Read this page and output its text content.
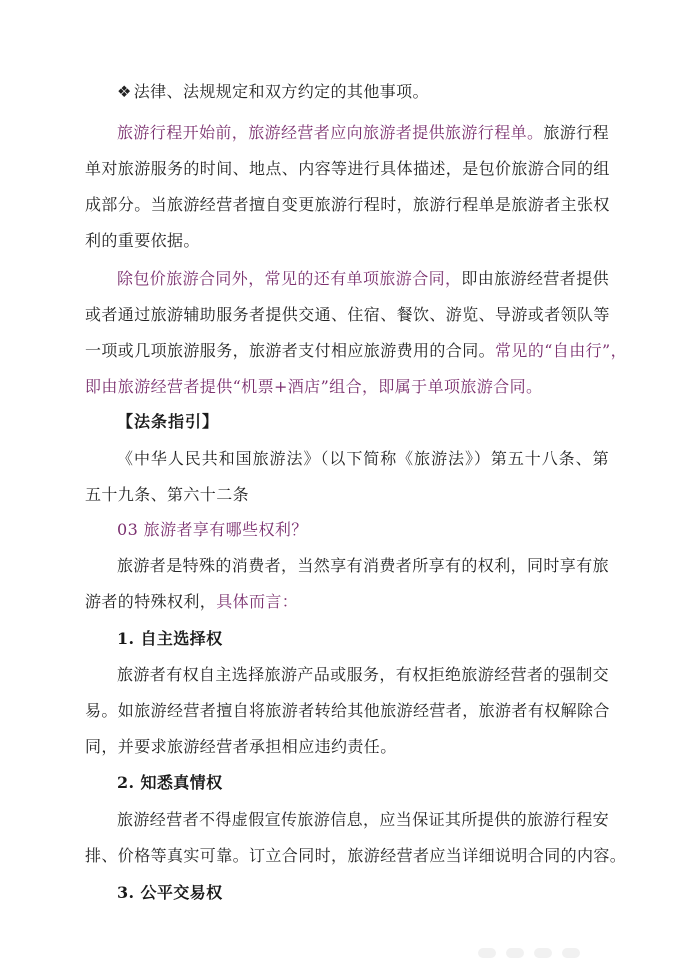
❖ 法律、法规规定和双方约定的其他事项。
旅游行程开始前，旅游经营者应向旅游者提供旅游行程单。旅游行程
单对旅游服务的时间、地点、内容等进行具体描述，是包价旅游合同的组
成部分。当旅游经营者擅自变更旅游行程时，旅游行程单是旅游者主张权
利的重要依据。
除包价旅游合同外，常见的还有单项旅游合同，即由旅游经营者提供
或者通过旅游辅助服务者提供交通、住宿、餐饮、游览、导游或者领队等
一项或几项旅游服务，旅游者支付相应旅游费用的合同。常见的“自由行”，
即由旅游经营者提供“机票+酒店”组合，即属于单项旅游合同。
【法条指引】
《中华人民共和国旅游法》（以下简称《旅游法》）第五十八条、第
五十九条、第六十二条
03 旅游者享有哪些权利？
旅游者是特殊的消费者，当然享有消费者所享有的权利，同时享有旅
游者的特殊权利，具体而言：
1. 自主选择权
旅游者有权自主选择旅游产品或服务，有权拒绝旅游经营者的强制交
易。如旅游经营者擅自将旅游者转给其他旅游经营者，旅游者有权解除合
同，并要求旅游经营者承担相应违约责任。
2. 知悉真情权
旅游经营者不得虚假宣传旅游信息，应当保证其所提供的旅游行程安
排、价格等真实可靠。订立合同时，旅游经营者应当详细说明合同的内容。
3. 公平交易权
